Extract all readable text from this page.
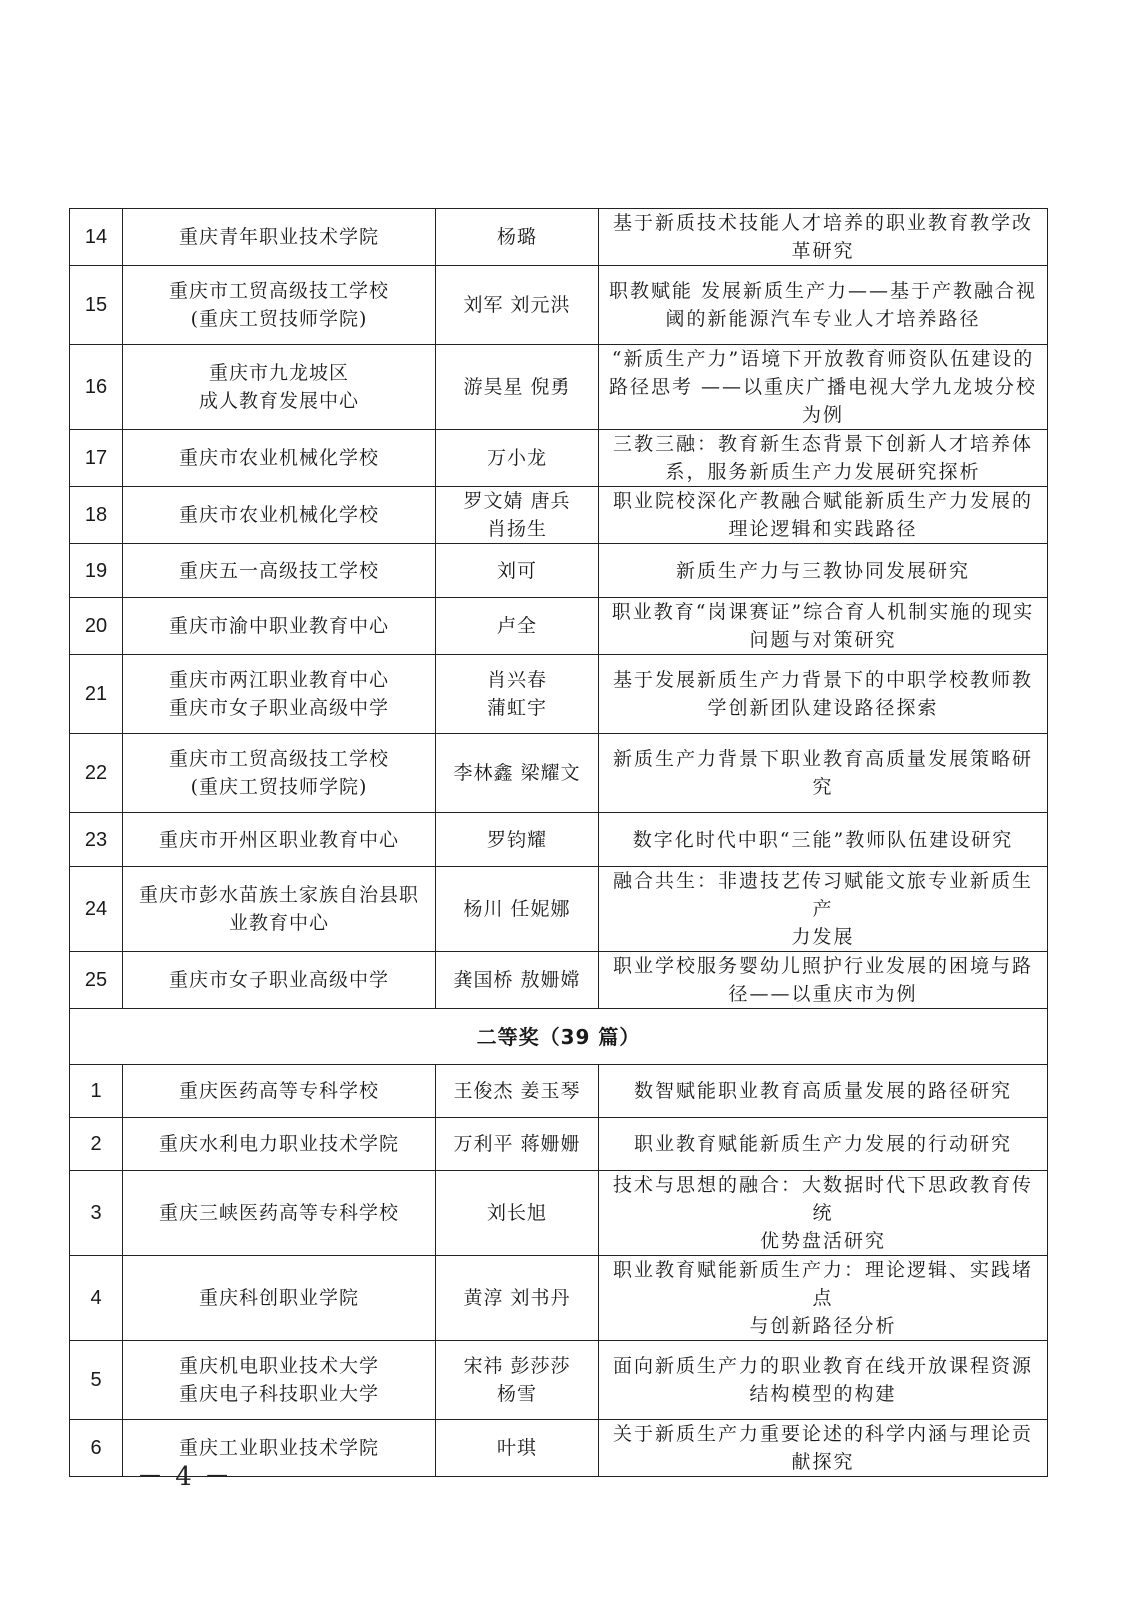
14	重庆青年职业技术学院	杨璐	基于新质技术技能人才培养的职业教育教学改
革研究

15	重庆市工贸高级技工学校
(重庆工贸技师学院)	刘军 刘元洪	职教赋能 发展新质生产力——基于产教融合视
阈的新能源汽车专业人才培养路径

16	重庆市九龙坡区
成人教育发展中心	游昊星 倪勇	“新质生产力”语境下开放教育师资队伍建设的
路径思考 ——以重庆广播电视大学九龙坡分校
为例

17	重庆市农业机械化学校	万小龙	三教三融：教育新生态背景下创新人才培养体
系，服务新质生产力发展研究探析

18	重庆市农业机械化学校	罗文婧 唐兵
肖扬生	职业院校深化产教融合赋能新质生产力发展的
理论逻辑和实践路径

19	重庆五一高级技工学校	刘可	新质生产力与三教协同发展研究

20	重庆市渝中职业教育中心	卢全	职业教育“岗课赛证”综合育人机制实施的现实
问题与对策研究

21	重庆市两江职业教育中心
重庆市女子职业高级中学	肖兴春
蒲虹宇	基于发展新质生产力背景下的中职学校教师教
学创新团队建设路径探索

22	重庆市工贸高级技工学校
(重庆工贸技师学院)	李林鑫 梁耀文	新质生产力背景下职业教育高质量发展策略研
究

23	重庆市开州区职业教育中心	罗钧耀	数字化时代中职“三能”教师队伍建设研究

24	重庆市彭水苗族土家族自治县职
业教育中心	杨川 任妮娜	融合共生：非遗技艺传习赋能文旅专业新质生产
力发展

25	重庆市女子职业高级中学	龚国桥 敖姗嫦	职业学校服务婴幼儿照护行业发展的困境与路
径——以重庆市为例

二等奖（39 篇）			
1	重庆医药高等专科学校	王俊杰 姜玉琴	数智赋能职业教育高质量发展的路径研究

2	重庆水利电力职业技术学院	万利平 蒋姗姗	职业教育赋能新质生产力发展的行动研究

3	重庆三峡医药高等专科学校	刘长旭	技术与思想的融合：大数据时代下思政教育传统
优势盘活研究

4	重庆科创职业学院	黄淳 刘书丹	职业教育赋能新质生产力：理论逻辑、实践堵点
与创新路径分析

5	重庆机电职业技术大学
重庆电子科技职业大学	宋祎 彭莎莎
杨雪	面向新质生产力的职业教育在线开放课程资源
结构模型的构建

6	重庆工业职业技术学院	叶琪	关于新质生产力重要论述的科学内涵与理论贡
献探究
－ 4 －
